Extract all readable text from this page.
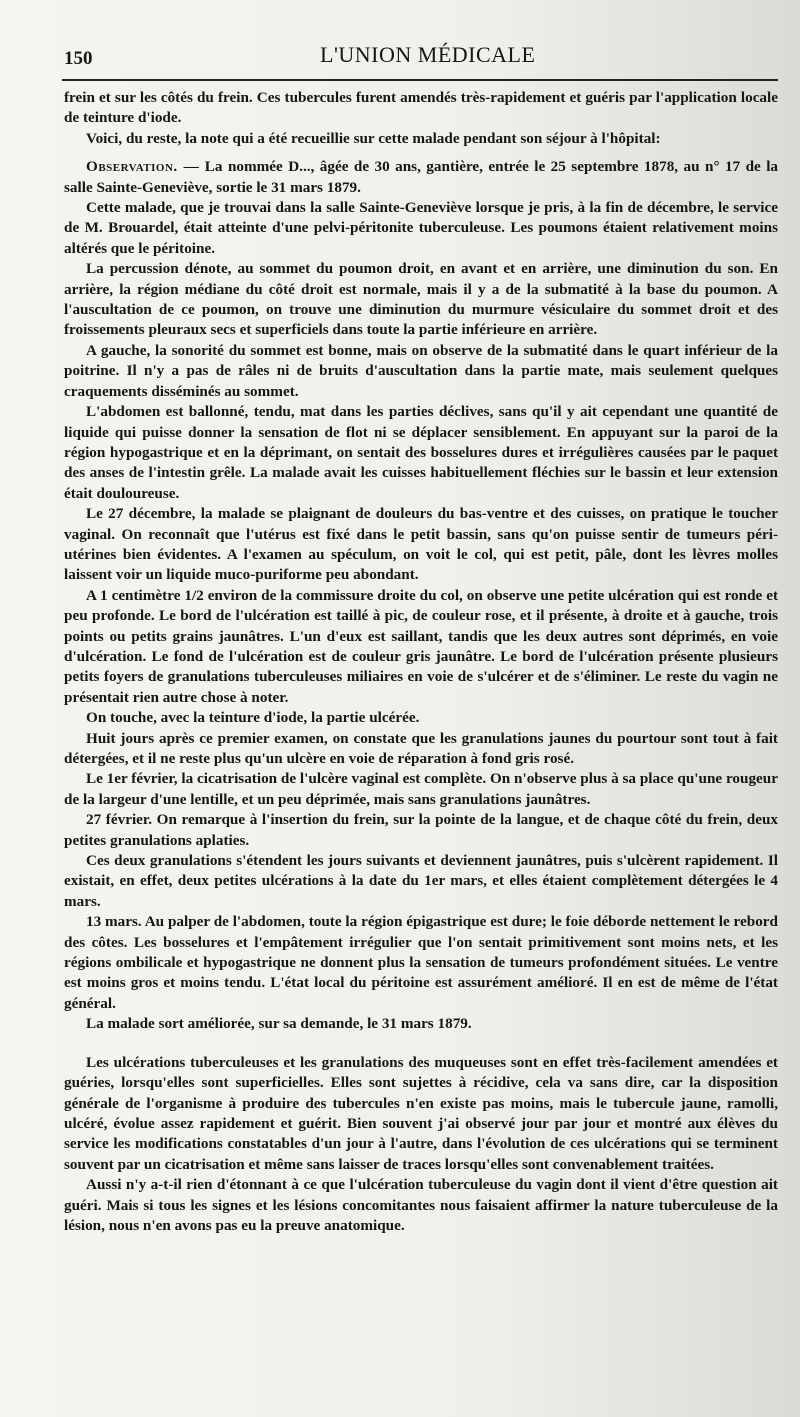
150	L'UNION MÉDICALE

frein et sur les côtés du frein. Ces tubercules furent amendés très-rapidement et guéris par l'application locale de teinture d'iode.

Voici, du reste, la note qui a été recueillie sur cette malade pendant son séjour à l'hôpital:

Observation. — La nommée D..., âgée de 30 ans, gantière, entrée le 25 septembre 1878, au n° 17 de la salle Sainte-Geneviève, sortie le 31 mars 1879.

Cette malade, que je trouvai dans la salle Sainte-Geneviève lorsque je pris, à la fin de décembre, le service de M. Brouardel, était atteinte d'une pelvi-péritonite tuberculeuse. Les poumons étaient relativement moins altérés que le péritoine.

La percussion dénote, au sommet du poumon droit, en avant et en arrière, une diminution du son. En arrière, la région médiane du côté droit est normale, mais il y a de la submatité à la base du poumon. A l'auscultation de ce poumon, on trouve une diminution du murmure vésiculaire du sommet droit et des froissements pleuraux secs et superficiels dans toute la partie inférieure en arrière.

A gauche, la sonorité du sommet est bonne, mais on observe de la submatité dans le quart inférieur de la poitrine. Il n'y a pas de râles ni de bruits d'auscultation dans la partie mate, mais seulement quelques craquements disséminés au sommet.

L'abdomen est ballonné, tendu, mat dans les parties déclives, sans qu'il y ait cependant une quantité de liquide qui puisse donner la sensation de flot ni se déplacer sensiblement. En appuyant sur la paroi de la région hypogastrique et en la déprimant, on sentait des bosselures dures et irrégulières causées par le paquet des anses de l'intestin grêle. La malade avait les cuisses habituellement fléchies sur le bassin et leur extension était douloureuse.

Le 27 décembre, la malade se plaignant de douleurs du bas-ventre et des cuisses, on pratique le toucher vaginal. On reconnaît que l'utérus est fixé dans le petit bassin, sans qu'on puisse sentir de tumeurs péri-utérines bien évidentes. A l'examen au spéculum, on voit le col, qui est petit, pâle, dont les lèvres molles laissent voir un liquide muco-puriforme peu abondant.

A 1 centimètre 1/2 environ de la commissure droite du col, on observe une petite ulcération qui est ronde et peu profonde. Le bord de l'ulcération est taillé à pic, de couleur rose, et il présente, à droite et à gauche, trois points ou petits grains jaunâtres. L'un d'eux est saillant, tandis que les deux autres sont déprimés, en voie d'ulcération. Le fond de l'ulcération est de couleur gris jaunâtre. Le bord de l'ulcération présente plusieurs petits foyers de granulations tuberculeuses miliaires en voie de s'ulcérer et de s'éliminer. Le reste du vagin ne présentait rien autre chose à noter.

On touche, avec la teinture d'iode, la partie ulcérée.

Huit jours après ce premier examen, on constate que les granulations jaunes du pourtour sont tout à fait détergées, et il ne reste plus qu'un ulcère en voie de réparation à fond gris rosé.

Le 1er février, la cicatrisation de l'ulcère vaginal est complète. On n'observe plus à sa place qu'une rougeur de la largeur d'une lentille, et un peu déprimée, mais sans granulations jaunâtres.

27 février. On remarque à l'insertion du frein, sur la pointe de la langue, et de chaque côté du frein, deux petites granulations aplaties.

Ces deux granulations s'étendent les jours suivants et deviennent jaunâtres, puis s'ulcèrent rapidement. Il existait, en effet, deux petites ulcérations à la date du 1er mars, et elles étaient complètement détergées le 4 mars.

13 mars. Au palper de l'abdomen, toute la région épigastrique est dure; le foie déborde nettement le rebord des côtes. Les bosselures et l'empâtement irrégulier que l'on sentait primitivement sont moins nets, et les régions ombilicale et hypogastrique ne donnent plus la sensation de tumeurs profondément situées. Le ventre est moins gros et moins tendu. L'état local du péritoine est assurément amélioré. Il en est de même de l'état général.

La malade sort améliorée, sur sa demande, le 31 mars 1879.

Les ulcérations tuberculeuses et les granulations des muqueuses sont en effet très-facilement amendées et guéries, lorsqu'elles sont superficielles. Elles sont sujettes à récidive, cela va sans dire, car la disposition générale de l'organisme à produire des tubercules n'en existe pas moins, mais le tubercule jaune, ramolli, ulcéré, évolue assez rapidement et guérit. Bien souvent j'ai observé jour par jour et montré aux élèves du service les modifications constatables d'un jour à l'autre, dans l'évolution de ces ulcérations qui se terminent souvent par un cicatrisation et même sans laisser de traces lorsqu'elles sont convenablement traitées.

Aussi n'y a-t-il rien d'étonnant à ce que l'ulcération tuberculeuse du vagin dont il vient d'être question ait guéri. Mais si tous les signes et les lésions concomitantes nous faisaient affirmer la nature tuberculeuse de la lésion, nous n'en avons pas eu la preuve anatomique.
